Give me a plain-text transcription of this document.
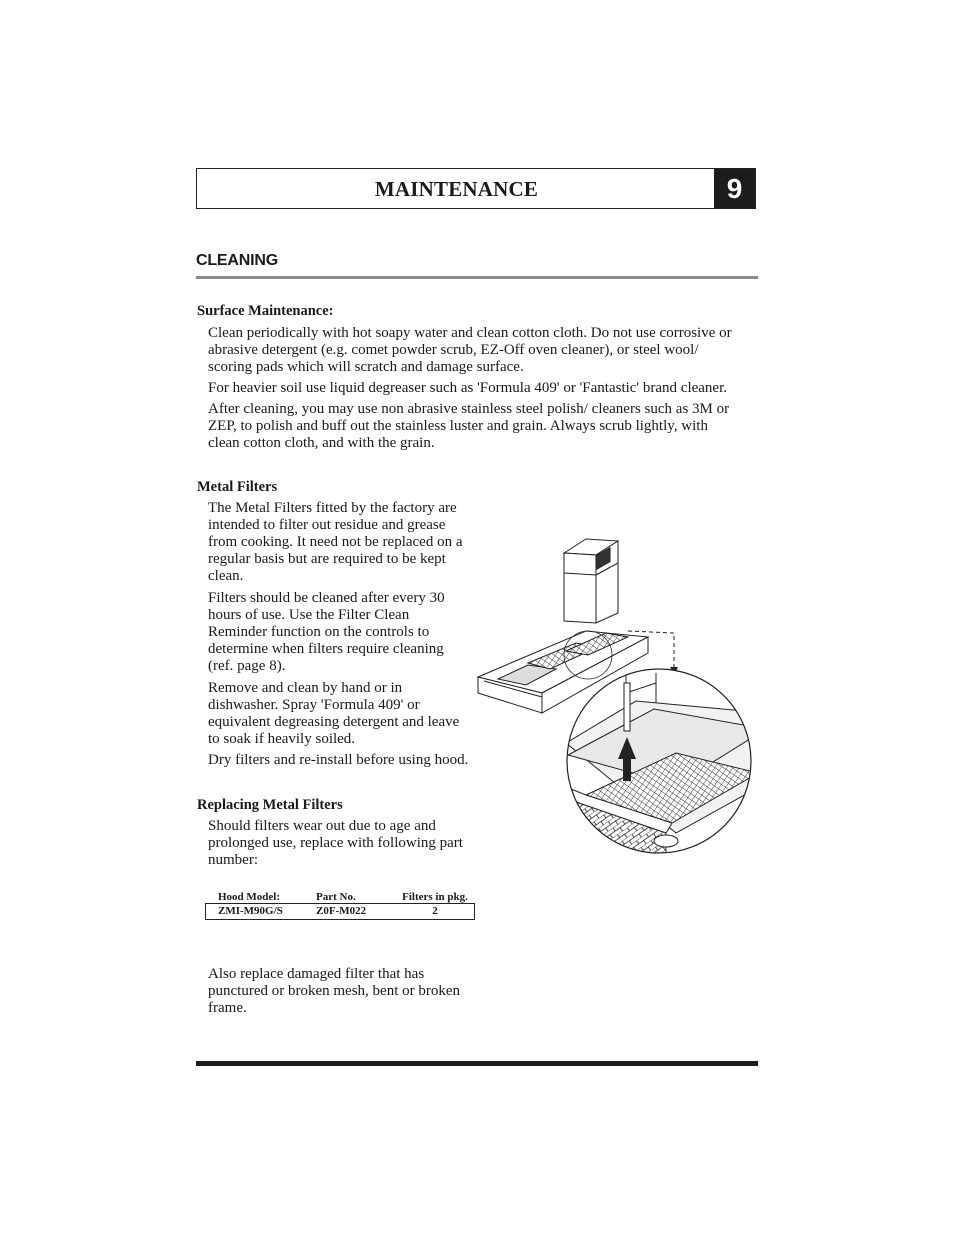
MAINTENANCE	9
CLEANING
Surface Maintenance:
Clean periodically with hot soapy water and clean cotton cloth. Do not use corrosive or
abrasive detergent (e.g. comet powder scrub, EZ-Off oven cleaner), or steel wool/
scoring pads which will scratch and damage surface.
For heavier soil use liquid degreaser such as 'Formula 409' or 'Fantastic' brand cleaner.
After cleaning, you may use non abrasive stainless steel polish/ cleaners such as 3M or
ZEP, to polish and buff out the stainless luster and grain. Always scrub lightly, with
clean cotton cloth, and with the grain.
Metal Filters
The Metal Filters fitted by the factory are
intended to filter out residue and grease
from cooking. It need not be replaced on a
regular basis but are required to be kept
clean.
Filters should be cleaned after every 30
hours of use. Use the Filter Clean
Reminder function on the controls to
determine when filters require cleaning
(ref. page 8).
Remove and clean by hand or in
dishwasher. Spray 'Formula 409' or
equivalent degreasing detergent and leave
to soak if heavily soiled.
Dry filters and re-install before using hood.
Replacing Metal Filters
Should filters wear out due to age and
prolonged use, replace with following part
number:
Hood Model:	Part No.	Filters in pkg.
ZMI-M90G/S	Z0F-M022	2
Also replace damaged filter that has
punctured or broken mesh, bent or broken
frame.
